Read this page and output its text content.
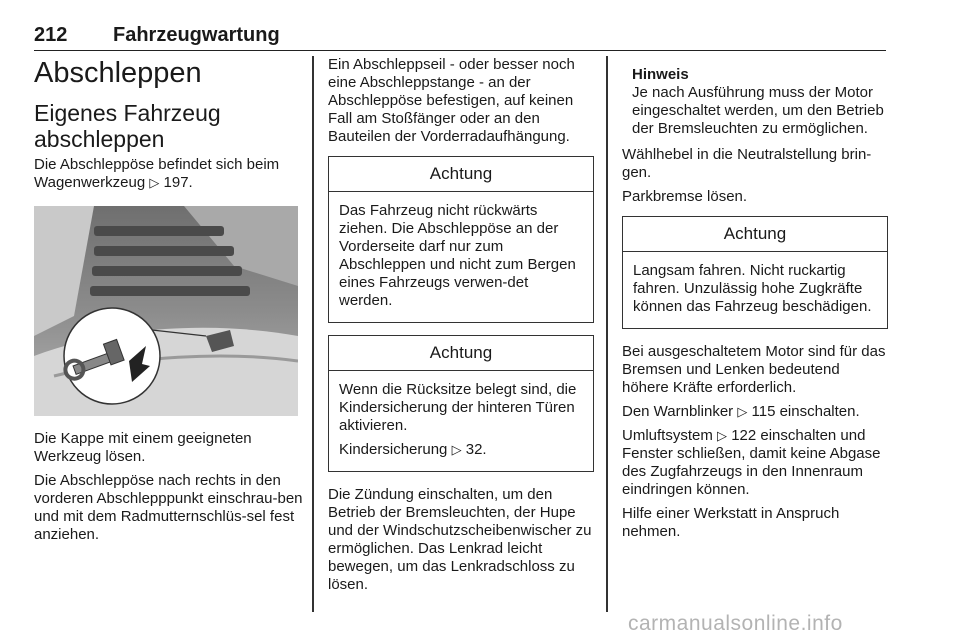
212 Fahrzeugwartung
Abschleppen
Eigenes Fahrzeug abschleppen

Die Abschleppöse befindet sich beim Wagenwerkzeug ▷ 197.

Die Kappe mit einem geeigneten Werkzeug lösen.

Die Abschleppöse nach rechts in den vorderen Abschlepppunkt einschrau-ben und mit dem Radmutternschlüs-sel fest anziehen.

Ein Abschleppseil - oder besser noch eine Abschleppstange - an der Abschleppöse befestigen, auf keinen Fall am Stoßfänger oder an den Bauteilen der Vorderradaufhängung.

Achtung

Das Fahrzeug nicht rückwärts ziehen. Die Abschleppöse an der Vorderseite darf nur zum Abschleppen und nicht zum Bergen eines Fahrzeugs verwen-det werden.

Achtung

Wenn die Rücksitze belegt sind, die Kindersicherung der hinteren Türen aktivieren.

Kindersicherung ▷ 32.

Die Zündung einschalten, um den Betrieb der Bremsleuchten, der Hupe und der Windschutzscheibenwischer zu ermöglichen. Das Lenkrad leicht bewegen, um das Lenkradschloss zu lösen.

Hinweis

Je nach Ausführung muss der Motor eingeschaltet werden, um den Betrieb der Bremsleuchten zu ermöglichen.

Wählhebel in die Neutralstellung brin-gen.

Parkbremse lösen.

Achtung

Langsam fahren. Nicht ruckartig fahren. Unzulässig hohe Zugkräfte können das Fahrzeug beschädigen.

Bei ausgeschaltetem Motor sind für das Bremsen und Lenken bedeutend höhere Kräfte erforderlich.

Den Warnblinker ▷ 115 einschalten.

Umluftsystem ▷ 122 einschalten und Fenster schließen, damit keine Abgase des Zugfahrzeugs in den Innenraum eindringen können.

Hilfe einer Werkstatt in Anspruch nehmen.

carmanualsonline.info
